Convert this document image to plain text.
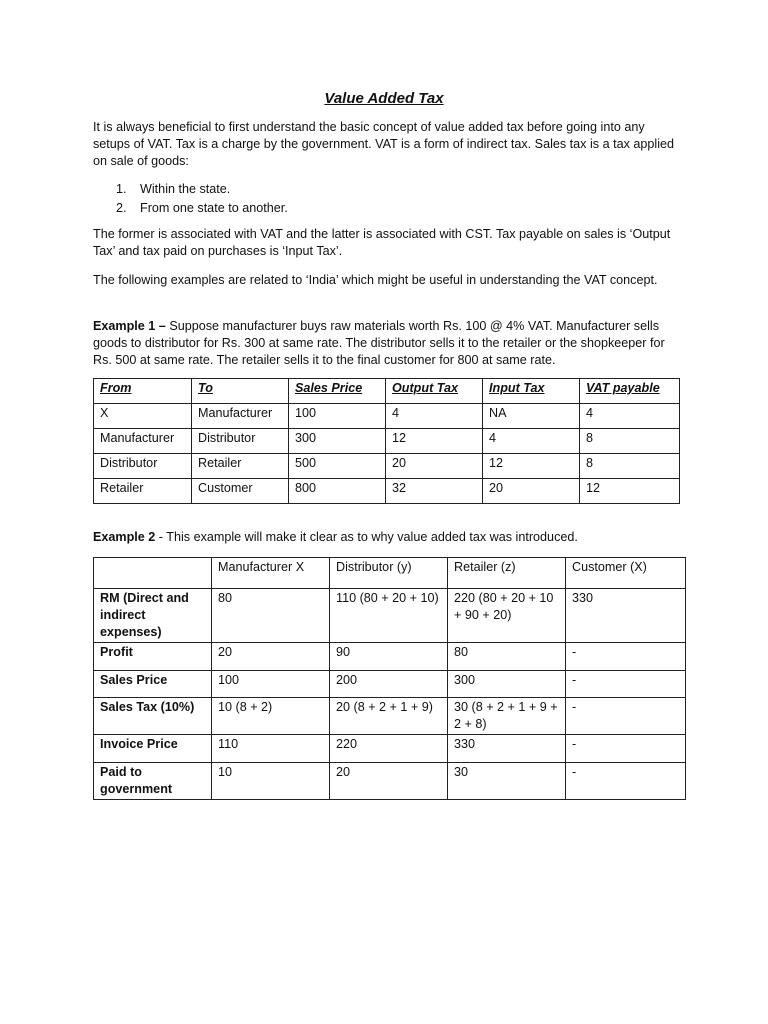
Value Added Tax
It is always beneficial to first understand the basic concept of value added tax before going into any setups of VAT. Tax is a charge by the government. VAT is a form of indirect tax. Sales tax is a tax applied on sale of goods:
1.	Within the state.
2.	From one state to another.
The former is associated with VAT and the latter is associated with CST. Tax payable on sales is ‘Output Tax’ and tax paid on purchases is ‘Input Tax’.
The following examples are related to ‘India’ which might be useful in understanding the VAT concept.
Example 1 – Suppose manufacturer buys raw materials worth Rs. 100 @ 4% VAT. Manufacturer sells goods to distributor for Rs. 300 at same rate. The distributor sells it to the retailer or the shopkeeper for Rs. 500 at same rate. The retailer sells it to the final customer for 800 at same rate.
From	To	Sales Price	Output Tax	Input Tax	VAT payable
X	Manufacturer	100	4	NA	4
Manufacturer	Distributor	300	12	4	8
Distributor	Retailer	500	20	12	8
Retailer	Customer	800	32	20	12
Example 2 - This example will make it clear as to why value added tax was introduced.
	Manufacturer X	Distributor (y)	Retailer (z)	Customer (X)
RM (Direct and indirect expenses)	80	110 (80 + 20 + 10)	220 (80 + 20 + 10 + 90 + 20)	330
Profit	20	90	80	-
Sales Price	100	200	300	-
Sales Tax (10%)	10 (8 + 2)	20 (8 + 2 + 1 + 9)	30 (8 + 2 + 1 + 9 + 2 + 8)	-
Invoice Price	110	220	330	-
Paid to government	10	20	30	-
